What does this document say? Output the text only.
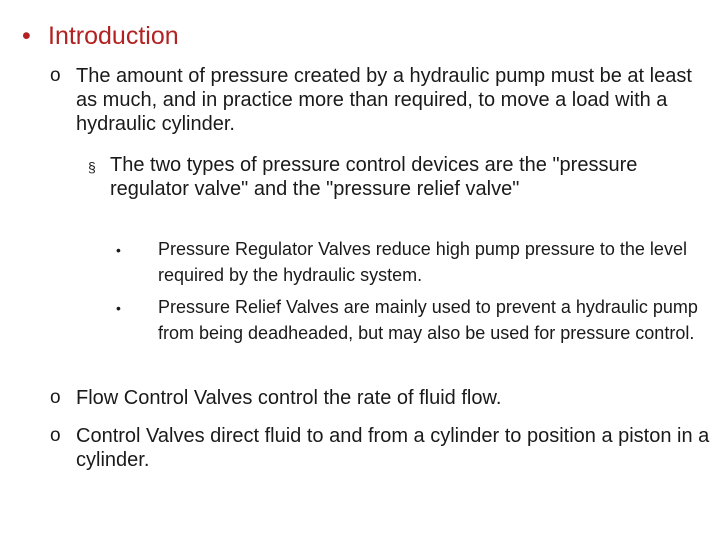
• Introduction
o The amount of pressure created by a hydraulic pump must be at least as much, and in practice more than required, to move a load with a hydraulic cylinder.
§ The two types of pressure control devices are the "pressure regulator valve" and the "pressure relief valve"
• Pressure Regulator Valves reduce high pump pressure to the level required by the hydraulic system.
• Pressure Relief Valves are mainly used to prevent a hydraulic pump from being deadheaded, but may also be used for pressure control.
o Flow Control Valves control the rate of fluid flow.
o Control Valves direct fluid to and from a cylinder to position a piston in a cylinder.
